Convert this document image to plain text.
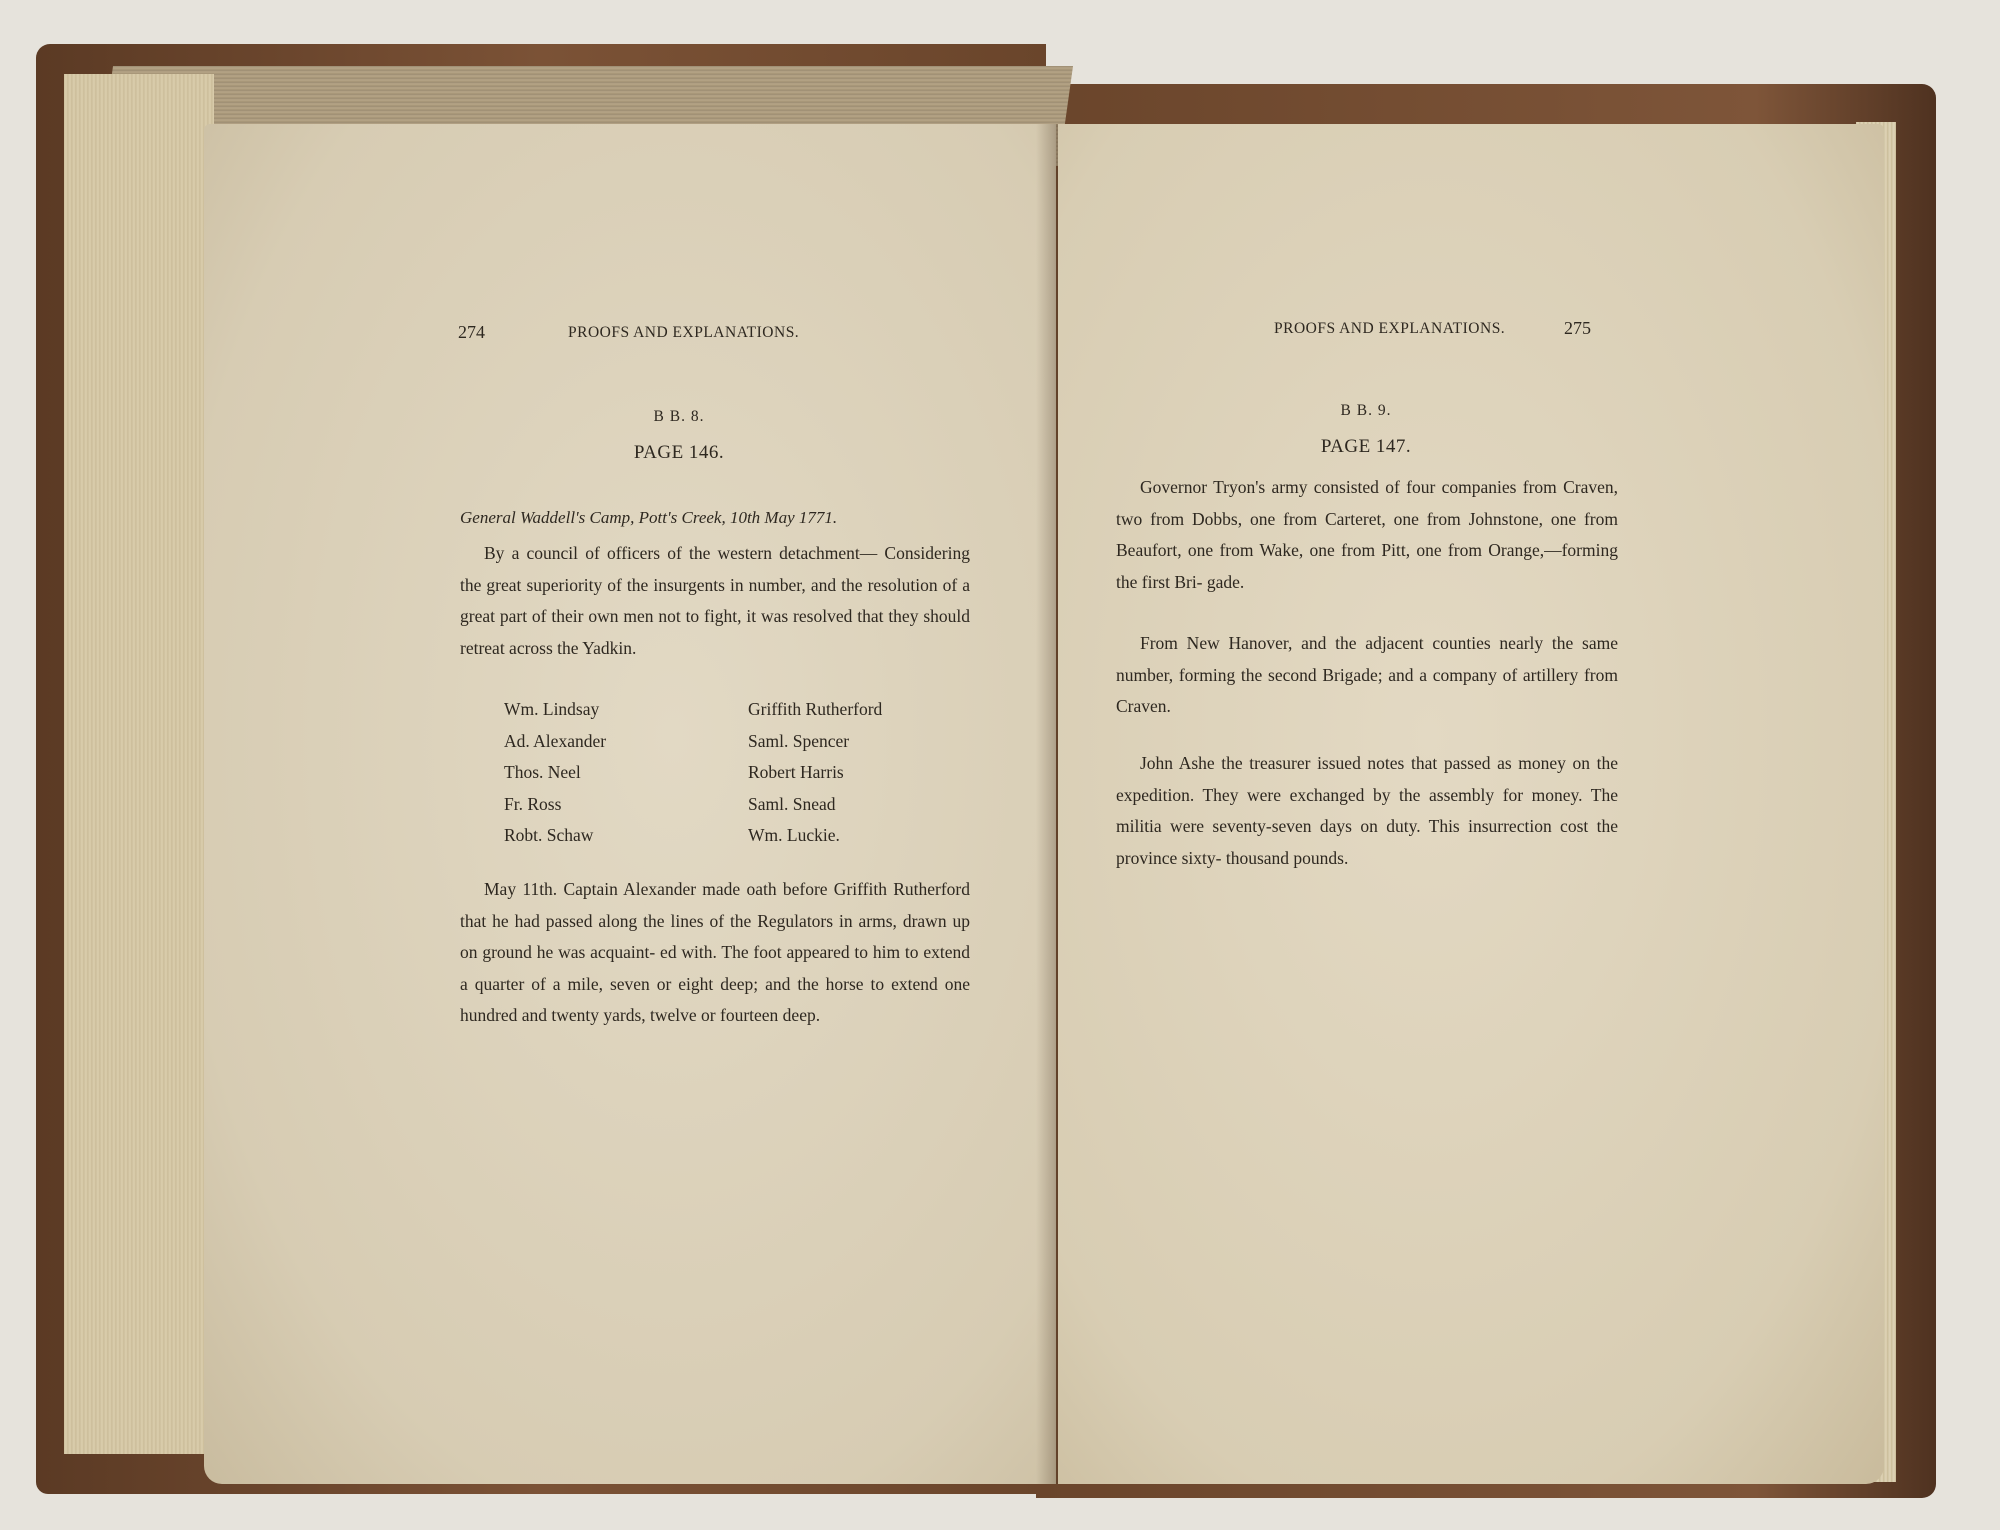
274	PROOFS AND EXPLANATIONS.
B B. 8.
PAGE 146.
General Waddell's Camp, Pott's Creek, 10th May 1771.

By a council of officers of the western detachment— Considering the great superiority of the insurgents in number, and the resolution of a great part of their own men not to fight, it was resolved that they should retreat across the Yadkin.

Wm. Lindsay	Griffith Rutherford
Ad. Alexander	Saml. Spencer
Thos. Neel	Robert Harris
Fr. Ross	Saml. Snead
Robt. Schaw	Wm. Luckie.

May 11th. Captain Alexander made oath before Griffith Rutherford that he had passed along the lines of the Regulators in arms, drawn up on ground he was acquaint- ed with. The foot appeared to him to extend a quarter of a mile, seven or eight deep; and the horse to extend one hundred and twenty yards, twelve or fourteen deep.

PROOFS AND EXPLANATIONS.	275
B B. 9.
PAGE 147.

Governor Tryon's army consisted of four companies from Craven, two from Dobbs, one from Carteret, one from Johnstone, one from Beaufort, one from Wake, one from Pitt, one from Orange,—forming the first Bri- gade.

From New Hanover, and the adjacent counties nearly the same number, forming the second Brigade; and a company of artillery from Craven.

John Ashe the treasurer issued notes that passed as money on the expedition. They were exchanged by the assembly for money. The militia were seventy-seven days on duty. This insurrection cost the province sixty- thousand pounds.
